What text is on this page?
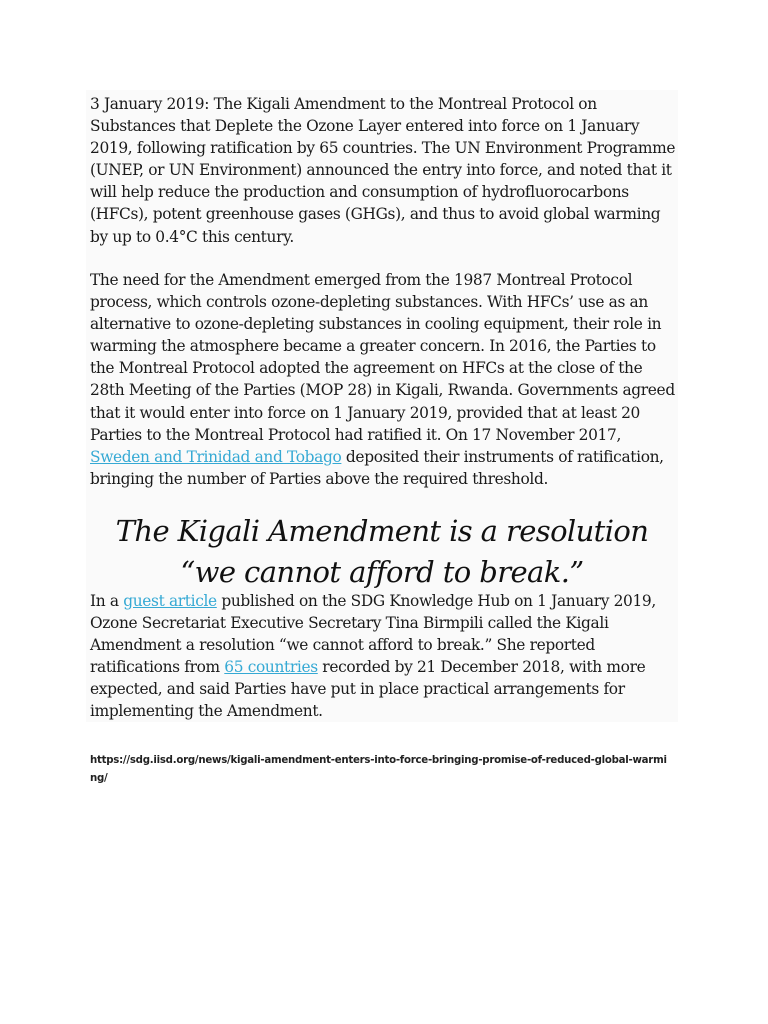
3 January 2019: The Kigali Amendment to the Montreal Protocol on Substances that Deplete the Ozone Layer entered into force on 1 January 2019, following ratification by 65 countries. The UN Environment Programme (UNEP, or UN Environment) announced the entry into force, and noted that it will help reduce the production and consumption of hydrofluorocarbons (HFCs), potent greenhouse gases (GHGs), and thus to avoid global warming by up to 0.4°C this century.

The need for the Amendment emerged from the 1987 Montreal Protocol process, which controls ozone-depleting substances. With HFCs’ use as an alternative to ozone-depleting substances in cooling equipment, their role in warming the atmosphere became a greater concern. In 2016, the Parties to the Montreal Protocol adopted the agreement on HFCs at the close of the 28th Meeting of the Parties (MOP 28) in Kigali, Rwanda. Governments agreed that it would enter into force on 1 January 2019, provided that at least 20 Parties to the Montreal Protocol had ratified it. On 17 November 2017, Sweden and Trinidad and Tobago deposited their instruments of ratification, bringing the number of Parties above the required threshold.

The Kigali Amendment is a resolution
“we cannot afford to break.”

In a guest article published on the SDG Knowledge Hub on 1 January 2019, Ozone Secretariat Executive Secretary Tina Birmpili called the Kigali Amendment a resolution “we cannot afford to break.” She reported ratifications from 65 countries recorded by 21 December 2018, with more expected, and said Parties have put in place practical arrangements for implementing the Amendment.

https://sdg.iisd.org/news/kigali-amendment-enters-into-force-bringing-promise-of-reduced-global-warming/
